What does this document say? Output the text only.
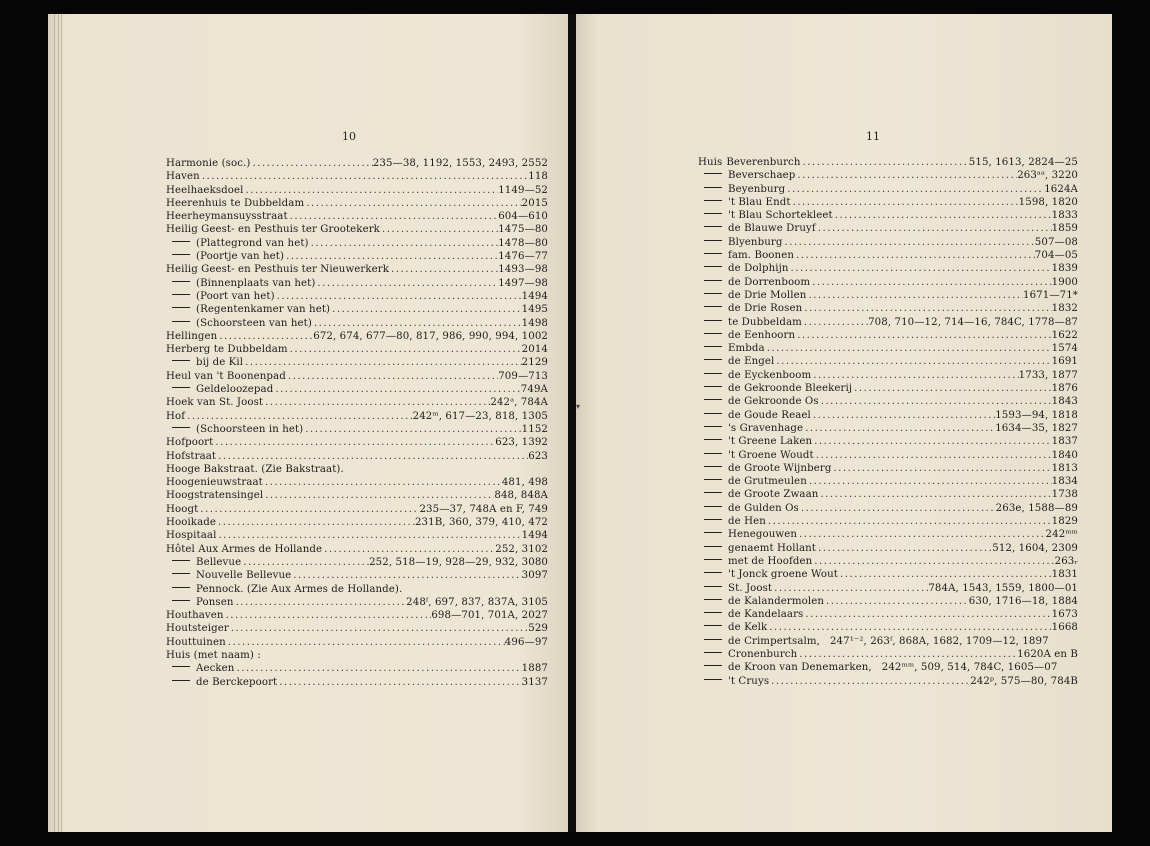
10
Harmonie (soc.) .....	235—38, 1192, 1553, 2493, 2552
Haven .....	118
Heelhaeksdoel .....	1149—52
Heerenhuis te Dubbeldam .....	2015
Heerheymansuysstraat .....	604—610
Heilig Geest- en Pesthuis ter Grootekerk .....	1475—80
(Plattegrond van het) .....	1478—80
(Poortje van het) .....	1476—77
Heilig Geest- en Pesthuis ter Nieuwerkerk .....	1493—98
(Binnenplaats van het) .....	1497—98
(Poort van het) .....	1494
(Regentenkamer van het) .....	1495
(Schoorsteen van het) .....	1498
Hellingen .....	672, 674, 677—80, 817, 986, 990, 994, 1002
Herberg te Dubbeldam .....	2014
bij de Kil .....	2129
Heul van 't Boonenpad .....	709—713
Geldeloozepad .....	749A
Hoek van St. Joost .....	242ᵃ, 784A
Hof .....	242ᵐ, 617—23, 818, 1305
(Schoorsteen in het) .....	1152
Hofpoort .....	623, 1392
Hofstraat .....	623
Hooge Bakstraat. (Zie Bakstraat).
Hoogenieuwstraat .....	481, 498
Hoogstratensingel .....	848, 848A
Hoogt .....	235—37, 748A en F, 749
Hooikade .....	231B, 360, 379, 410, 472
Hospitaal .....	1494
Hôtel Aux Armes de Hollande .....	252, 3102
Bellevue .....	252, 518—19, 928—29, 932, 3080
Nouvelle Bellevue .....	3097
Pennock. (Zie Aux Armes de Hollande).
Ponsen .....	248ᶠ, 697, 837, 837A, 3105
Houthaven .....	698—701, 701A, 2027
Houtsteiger .....	529
Houttuinen .....	496—97
Huis (met naam) :
Aecken .....	1887
de Berckepoort .....	3137
11
Huis Beverenburch .....	515, 1613, 2824—25
Beverschaep .....	263ᵃᵃ, 3220
Beyenburg .....	1624A
't Blau Endt .....	1598, 1820
't Blau Schortekleet .....	1833
de Blauwe Druyf .....	1859
Blyenburg .....	507—08
fam. Boonen .....	704—05
de Dolphijn .....	1839
de Dorrenboom .....	1900
de Drie Mollen .....	1671—71*
de Drie Rosen .....	1832
te Dubbeldam .....	708, 710—12, 714—16, 784C, 1778—87
de Eenhoorn .....	1622
Embda .....	1574
de Engel .....	1691
de Eyckenboom .....	1733, 1877
de Gekroonde Bleekerij .....	1876
de Gekroonde Os .....	1843
de Goude Reael .....	1593—94, 1818
's Gravenhage .....	1634—35, 1827
't Greene Laken .....	1837
't Groene Woudt .....	1840
de Groote Wijnberg .....	1813
de Grutmeulen .....	1834
de Groote Zwaan .....	1738
de Gulden Os .....	263e, 1588—89
de Hen .....	1829
Henegouwen .....	242ᵐᵐ
genaemt Hollant .....	512, 1604, 2309
met de Hoofden .....	263ᵣ
't Jonck groene Wout .....	1831
St. Joost .....	784A, 1543, 1559, 1800—01
de Kalandermolen .....	630, 1716—18, 1884
de Kandelaars .....	1673
de Kelk .....	1668
de Crimpertsalm, 247¹⁻², 263ᶠ, 868A, 1682, 1709—12, 1897
Cronenburch .....	1620A en B
de Kroon van Denemarken, 242ᵐᵐ, 509, 514, 784C, 1605—07
't Cruys .....	242ᵖ, 575—80, 784B
▾
